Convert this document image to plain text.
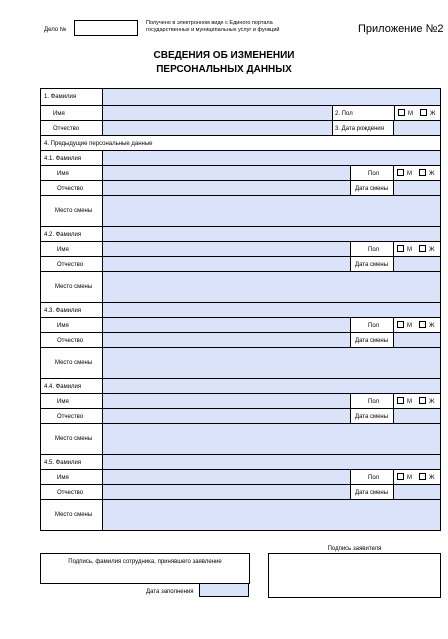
Дело №
Получено в электронном виде с Единого портала государственных и муниципальных услуг и функций	Приложение №2
СВЕДЕНИЯ ОБ ИЗМЕНЕНИИ
ПЕРСОНАЛЬНЫХ ДАННЫХ
1. Фамилия
Имя	2. Пол	М	Ж
Отчество	3. Дата рождения
4. Предыдущие персональные данные
4.1. Фамилия
Имя	Пол	М	Ж
Отчество	Дата смены
Место смены
4.2. Фамилия
Имя	Пол	М	Ж
Отчество	Дата смены
Место смены
4.3. Фамилия
Имя	Пол	М	Ж
Отчество	Дата смены
Место смены
4.4. Фамилия
Имя	Пол	М	Ж
Отчество	Дата смены
Место смены
4.5. Фамилия
Имя	Пол	М	Ж
Отчество	Дата смены
Место смены
Подпись, фамилия сотрудника, принявшего заявление
Дата заполнения
Подпись заявителя
